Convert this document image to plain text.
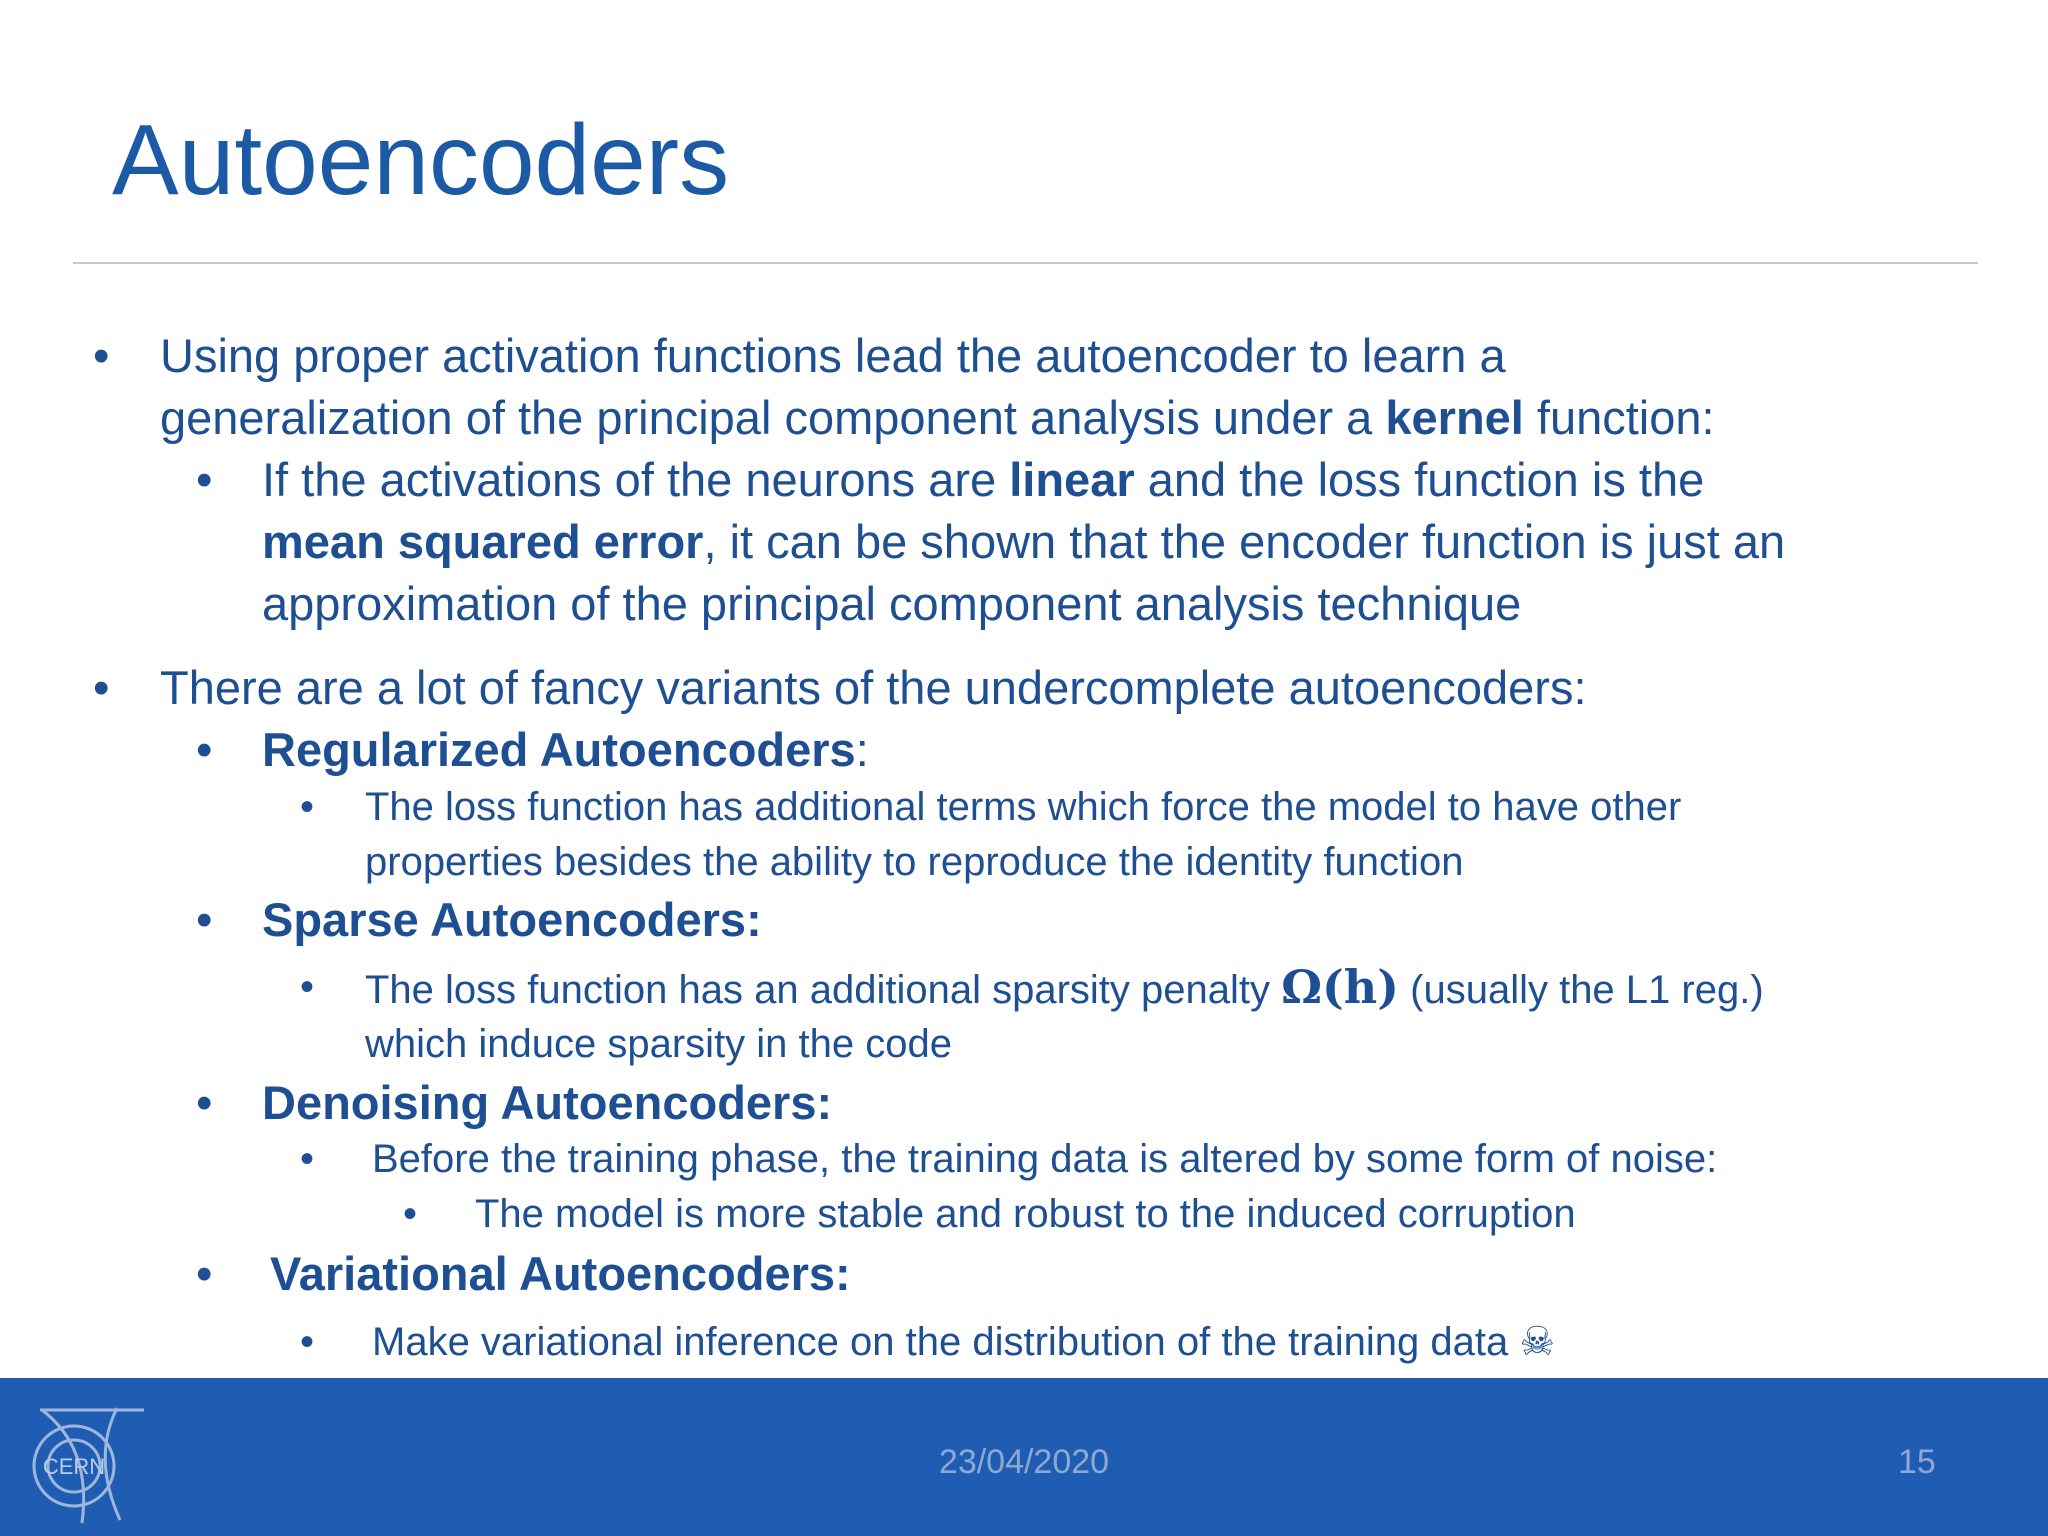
Autoencoders
• Using proper activation functions lead the autoencoder to learn a
generalization of the principal component analysis under a kernel function:
• If the activations of the neurons are linear and the loss function is the
mean squared error, it can be shown that the encoder function is just an
approximation of the principal component analysis technique
• There are a lot of fancy variants of the undercomplete autoencoders:
• Regularized Autoencoders:
• The loss function has additional terms which force the model to have other
properties besides the ability to reproduce the identity function
• Sparse Autoencoders:
• The loss function has an additional sparsity penalty Ω(h) (usually the L1 reg.)
which induce sparsity in the code
• Denoising Autoencoders:
• Before the training phase, the training data is altered by some form of noise:
• The model is more stable and robust to the induced corruption
• Variational Autoencoders:
• Make variational inference on the distribution of the training data ☠
CERN	23/04/2020	15
